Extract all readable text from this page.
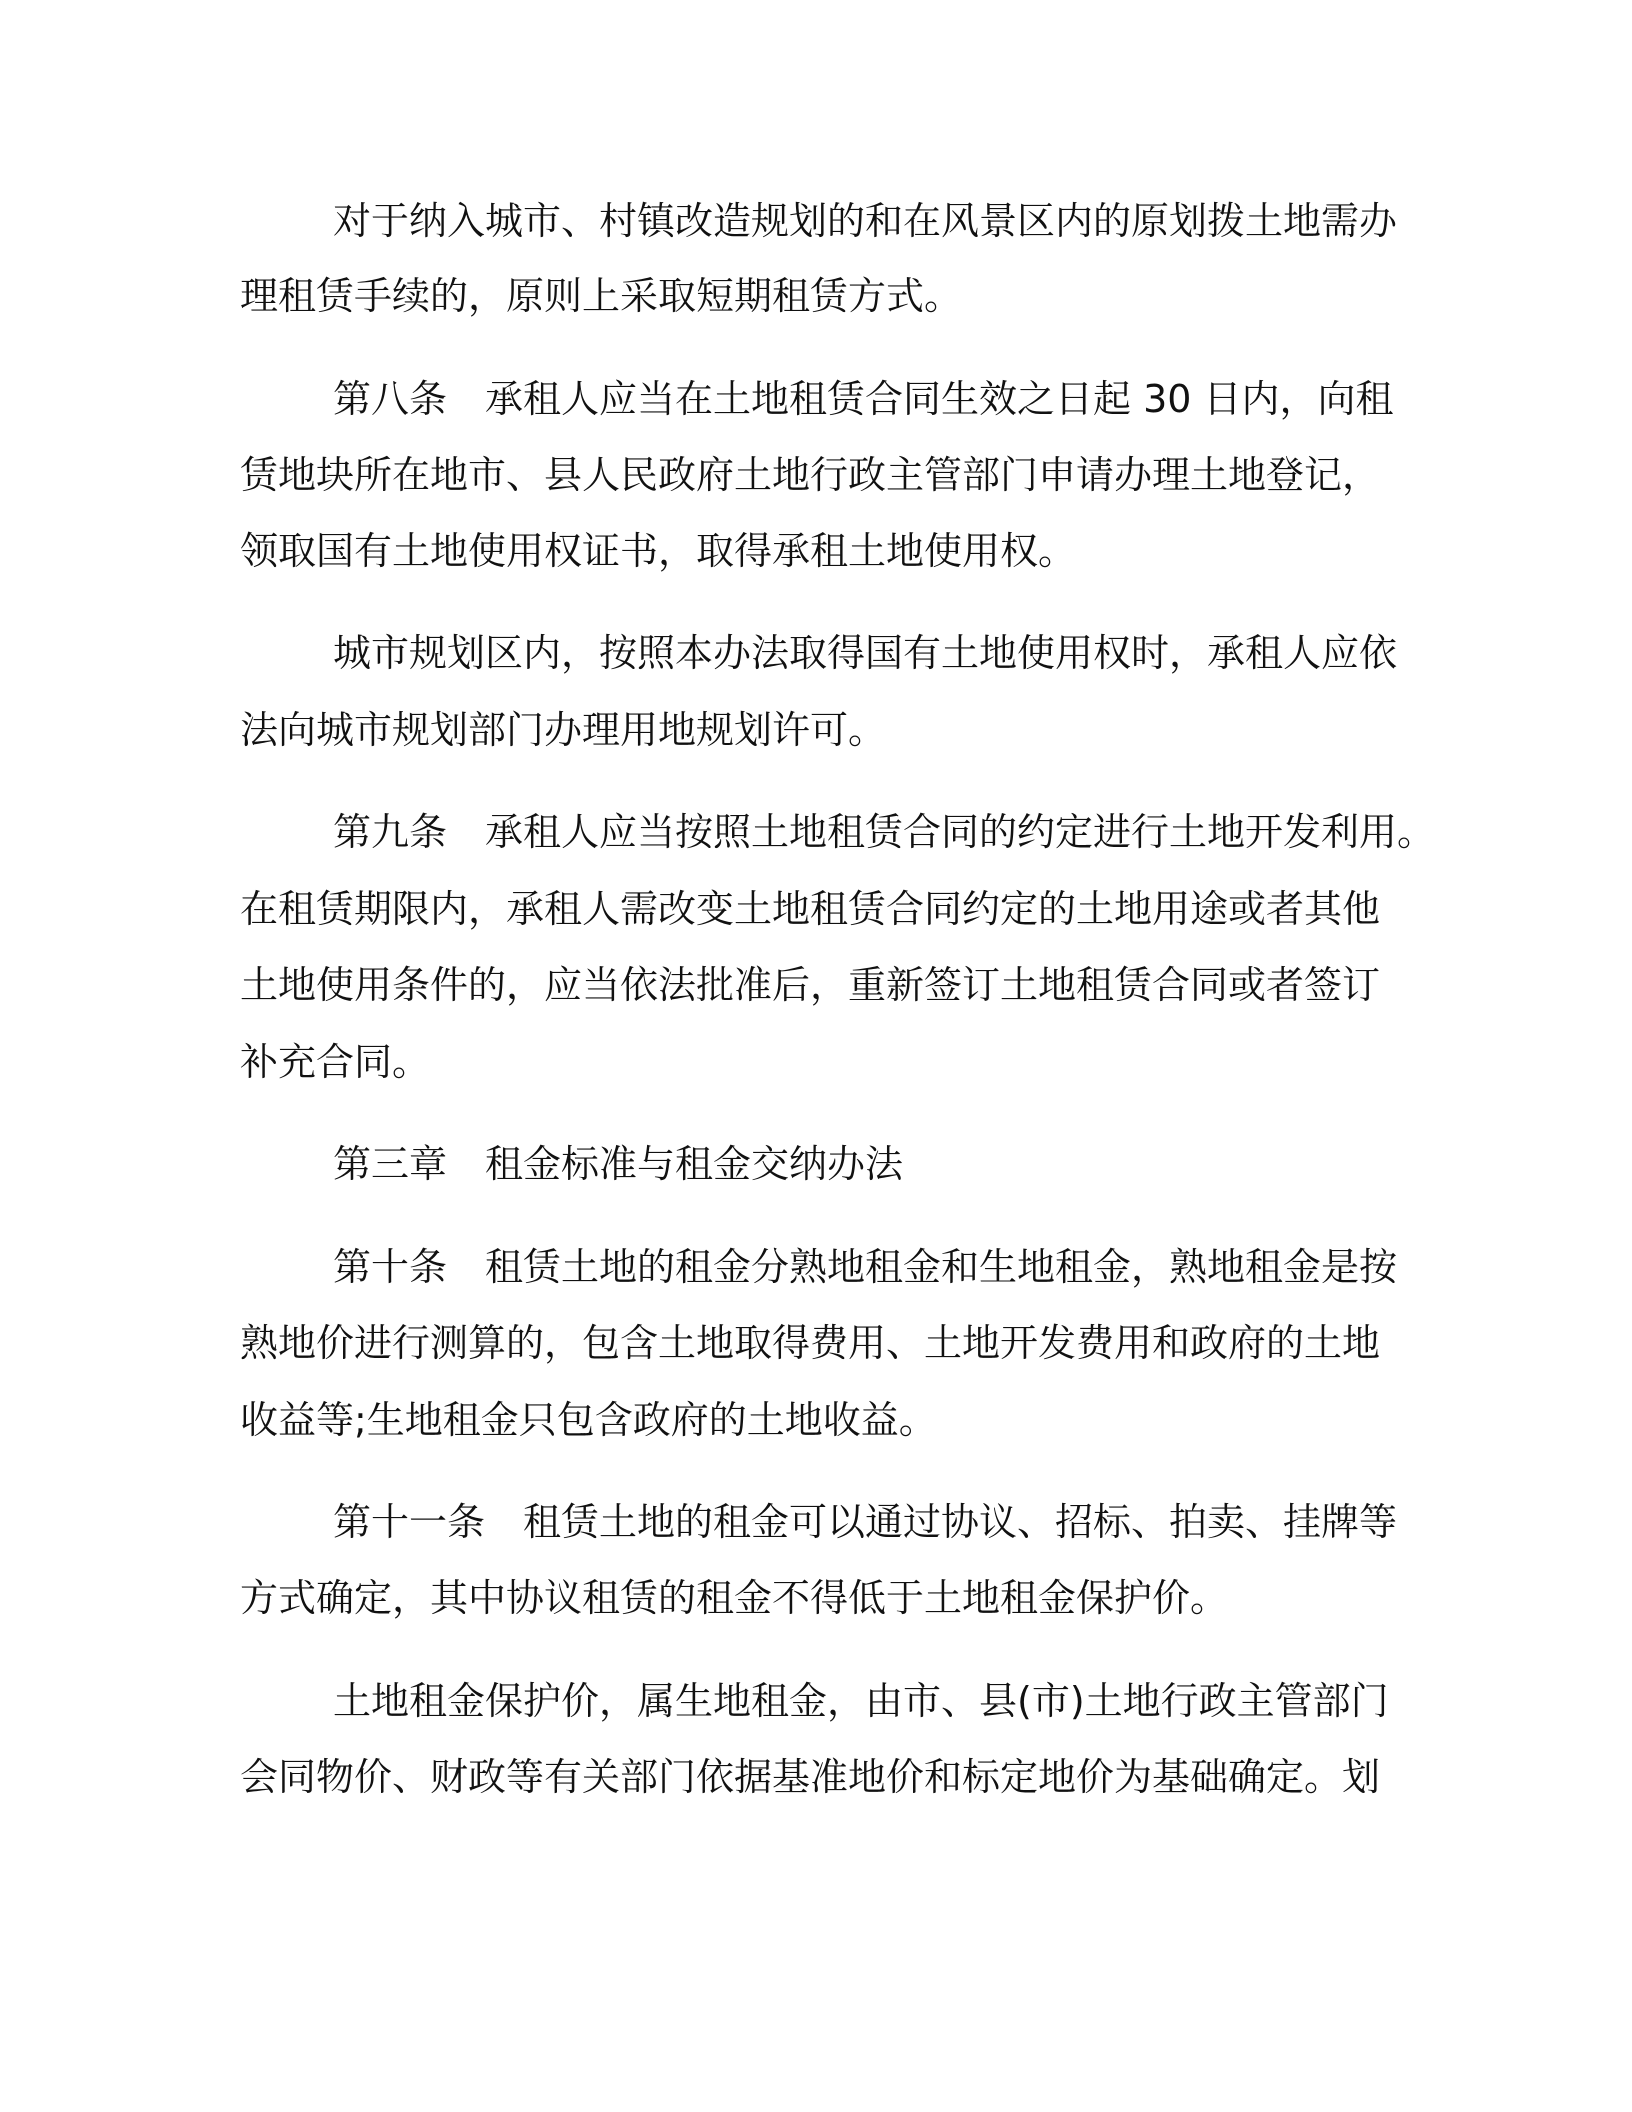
对于纳入城市、村镇改造规划的和在风景区内的原划拨土地需办
理租赁手续的，原则上采取短期租赁方式。
第八条　承租人应当在土地租赁合同生效之日起 30 日内，向租
赁地块所在地市、县人民政府土地行政主管部门申请办理土地登记，
领取国有土地使用权证书，取得承租土地使用权。
城市规划区内，按照本办法取得国有土地使用权时，承租人应依
法向城市规划部门办理用地规划许可。
第九条　承租人应当按照土地租赁合同的约定进行土地开发利用。
在租赁期限内，承租人需改变土地租赁合同约定的土地用途或者其他
土地使用条件的，应当依法批准后，重新签订土地租赁合同或者签订
补充合同。
第三章　租金标准与租金交纳办法
第十条　租赁土地的租金分熟地租金和生地租金，熟地租金是按
熟地价进行测算的，包含土地取得费用、土地开发费用和政府的土地
收益等;生地租金只包含政府的土地收益。
第十一条　租赁土地的租金可以通过协议、招标、拍卖、挂牌等
方式确定，其中协议租赁的租金不得低于土地租金保护价。
土地租金保护价，属生地租金，由市、县(市)土地行政主管部门
会同物价、财政等有关部门依据基准地价和标定地价为基础确定。划
